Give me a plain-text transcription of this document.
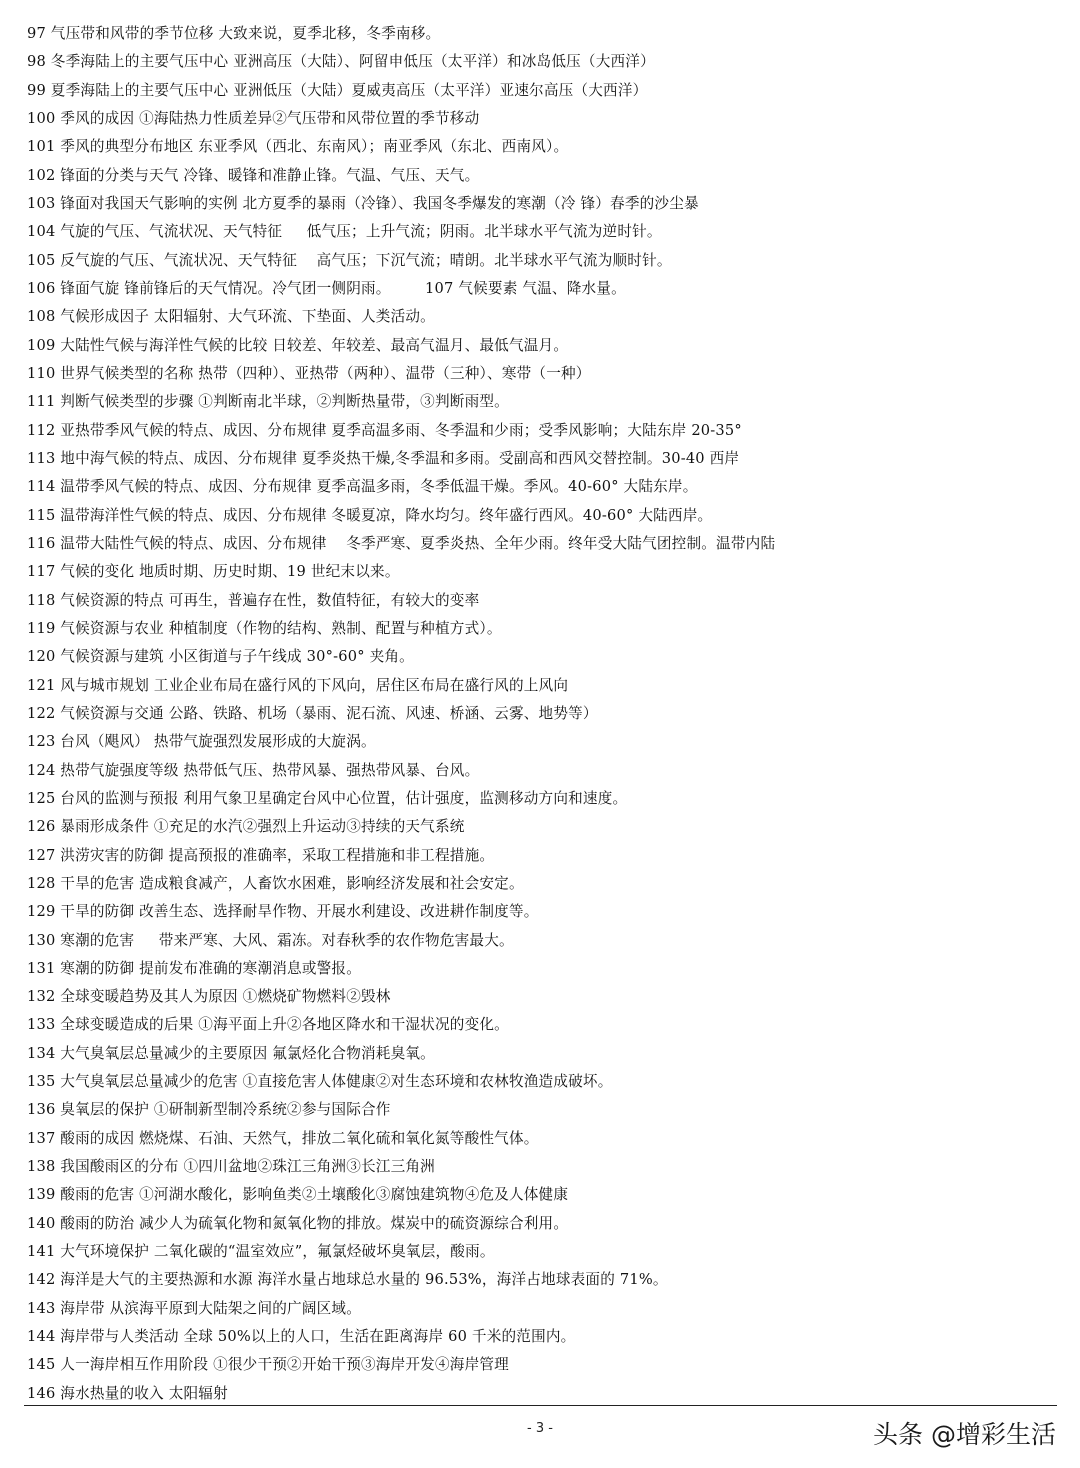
97 气压带和风带的季节位移 大致来说，夏季北移，冬季南移。
98 冬季海陆上的主要气压中心 亚洲高压（大陆）、阿留申低压（太平洋）和冰岛低压（大西洋）
99 夏季海陆上的主要气压中心 亚洲低压（大陆）夏威夷高压（太平洋）亚速尔高压（大西洋）
100 季风的成因 ①海陆热力性质差异②气压带和风带位置的季节移动
101 季风的典型分布地区 东亚季风（西北、东南风）；南亚季风（东北、西南风）。
102 锋面的分类与天气 冷锋、暖锋和准静止锋。气温、气压、天气。
103 锋面对我国天气影响的实例 北方夏季的暴雨（冷锋）、我国冬季爆发的寒潮（冷 锋）春季的沙尘暴
104 气旋的气压、气流状况、天气特征 　 低气压；上升气流；阴雨。北半球水平气流为逆时针。
105 反气旋的气压、气流状况、天气特征 　高气压；下沉气流；晴朗。北半球水平气流为顺时针。
106 锋面气旋 锋前锋后的天气情况。冷气团一侧阴雨。 　　107 气候要素 气温、降水量。
108 气候形成因子 太阳辐射、大气环流、下垫面、人类活动。
109 大陆性气候与海洋性气候的比较 日较差、年较差、最高气温月、最低气温月。
110 世界气候类型的名称 热带（四种）、亚热带（两种）、温带（三种）、寒带（一种）
111 判断气候类型的步骤 ①判断南北半球，②判断热量带，③判断雨型。
112 亚热带季风气候的特点、成因、分布规律 夏季高温多雨、冬季温和少雨；受季风影响；大陆东岸 20-35°
113 地中海气候的特点、成因、分布规律 夏季炎热干燥,冬季温和多雨。受副高和西风交替控制。30-40 西岸
114 温带季风气候的特点、成因、分布规律 夏季高温多雨，冬季低温干燥。季风。40-60° 大陆东岸。
115 温带海洋性气候的特点、成因、分布规律 冬暖夏凉，降水均匀。终年盛行西风。40-60° 大陆西岸。
116 温带大陆性气候的特点、成因、分布规律 　冬季严寒、夏季炎热、全年少雨。终年受大陆气团控制。温带内陆
117 气候的变化 地质时期、历史时期、19 世纪末以来。
118 气候资源的特点 可再生，普遍存在性，数值特征，有较大的变率
119 气候资源与农业 种植制度（作物的结构、熟制、配置与种植方式）。
120 气候资源与建筑 小区街道与子午线成 30°-60° 夹角。
121 风与城市规划 工业企业布局在盛行风的下风向，居住区布局在盛行风的上风向
122 气候资源与交通 公路、铁路、机场（暴雨、泥石流、风速、桥涵、云雾、地势等）
123 台风（飓风） 热带气旋强烈发展形成的大旋涡。
124 热带气旋强度等级 热带低气压、热带风暴、强热带风暴、台风。
125 台风的监测与预报 利用气象卫星确定台风中心位置，估计强度，监测移动方向和速度。
126 暴雨形成条件 ①充足的水汽②强烈上升运动③持续的天气系统
127 洪涝灾害的防御 提高预报的准确率，采取工程措施和非工程措施。
128 干旱的危害 造成粮食减产，人畜饮水困难，影响经济发展和社会安定。
129 干旱的防御 改善生态、选择耐旱作物、开展水利建设、改进耕作制度等。
130 寒潮的危害 　 带来严寒、大风、霜冻。对春秋季的农作物危害最大。
131 寒潮的防御 提前发布准确的寒潮消息或警报。
132 全球变暖趋势及其人为原因 ①燃烧矿物燃料②毁林
133 全球变暖造成的后果 ①海平面上升②各地区降水和干湿状况的变化。
134 大气臭氧层总量减少的主要原因 氟氯烃化合物消耗臭氧。
135 大气臭氧层总量减少的危害 ①直接危害人体健康②对生态环境和农林牧渔造成破坏。
136 臭氧层的保护 ①研制新型制冷系统②参与国际合作
137 酸雨的成因 燃烧煤、石油、天然气，排放二氧化硫和氧化氮等酸性气体。
138 我国酸雨区的分布 ①四川盆地②珠江三角洲③长江三角洲
139 酸雨的危害 ①河湖水酸化，影响鱼类②土壤酸化③腐蚀建筑物④危及人体健康
140 酸雨的防治 减少人为硫氧化物和氮氧化物的排放。煤炭中的硫资源综合利用。
141 大气环境保护 二氧化碳的“温室效应”，氟氯烃破坏臭氧层，酸雨。
142 海洋是大气的主要热源和水源 海洋水量占地球总水量的 96.53%，海洋占地球表面的 71%。
143 海岸带 从滨海平原到大陆架之间的广阔区域。
144 海岸带与人类活动 全球 50%以上的人口，生活在距离海岸 60 千米的范围内。
145 人一海岸相互作用阶段 ①很少干预②开始干预③海岸开发④海岸管理
146 海水热量的收入 太阳辐射
- 3 -	头条 @增彩生活
